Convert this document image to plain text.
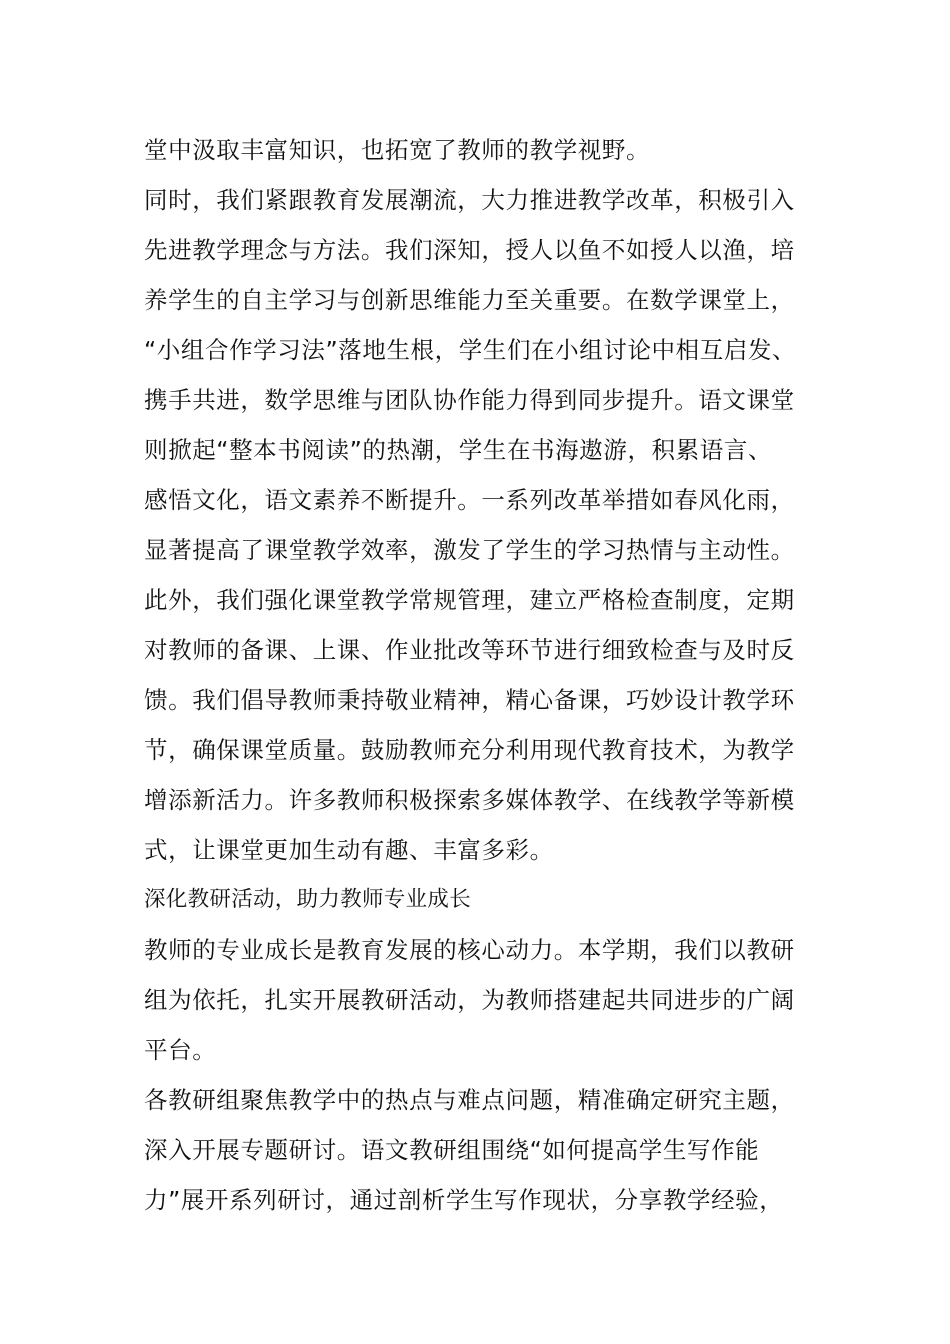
堂中汲取丰富知识，也拓宽了教师的教学视野。
同时，我们紧跟教育发展潮流，大力推进教学改革，积极引入
先进教学理念与方法。我们深知，授人以鱼不如授人以渔，培
养学生的自主学习与创新思维能力至关重要。在数学课堂上，
“小组合作学习法”落地生根，学生们在小组讨论中相互启发、
携手共进，数学思维与团队协作能力得到同步提升。语文课堂
则掀起“整本书阅读”的热潮，学生在书海遨游，积累语言、
感悟文化，语文素养不断提升。一系列改革举措如春风化雨，
显著提高了课堂教学效率，激发了学生的学习热情与主动性。
此外，我们强化课堂教学常规管理，建立严格检查制度，定期
对教师的备课、上课、作业批改等环节进行细致检查与及时反
馈。我们倡导教师秉持敬业精神，精心备课，巧妙设计教学环
节，确保课堂质量。鼓励教师充分利用现代教育技术，为教学
增添新活力。许多教师积极探索多媒体教学、在线教学等新模
式，让课堂更加生动有趣、丰富多彩。
深化教研活动，助力教师专业成长
教师的专业成长是教育发展的核心动力。本学期，我们以教研
组为依托，扎实开展教研活动，为教师搭建起共同进步的广阔
平台。
各教研组聚焦教学中的热点与难点问题，精准确定研究主题，
深入开展专题研讨。语文教研组围绕“如何提高学生写作能
力”展开系列研讨，通过剖析学生写作现状，分享教学经验，
